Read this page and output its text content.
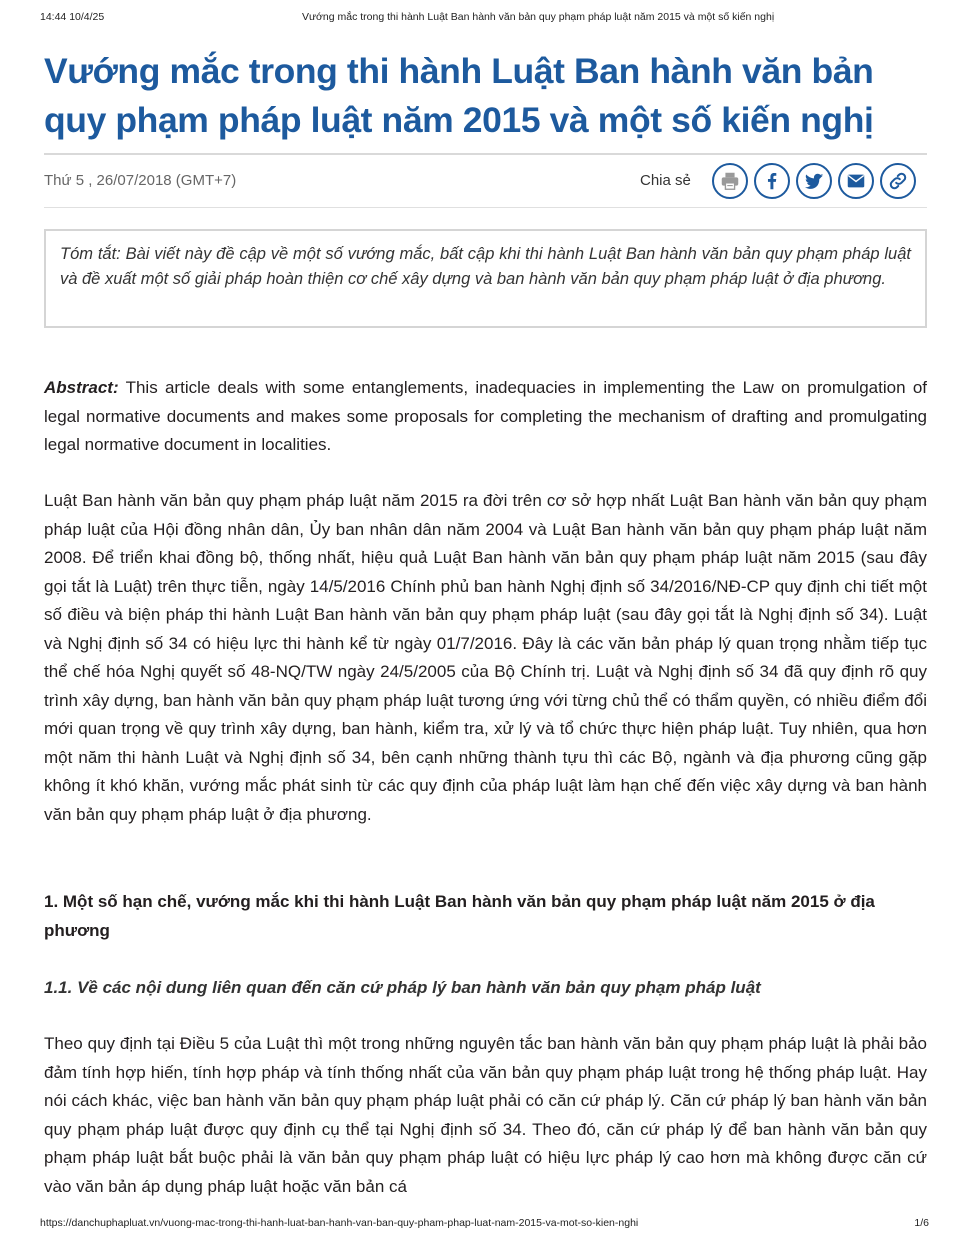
14:44 10/4/25	Vướng mắc trong thi hành Luật Ban hành văn bản quy phạm pháp luật năm 2015 và một số kiến nghị
Vướng mắc trong thi hành Luật Ban hành văn bản quy phạm pháp luật năm 2015 và một số kiến nghị
Thứ 5 , 26/07/2018 (GMT+7)	Chia sẻ
Tóm tắt: Bài viết này đề cập về một số vướng mắc, bất cập khi thi hành Luật Ban hành văn bản quy phạm pháp luật và đề xuất một số giải pháp hoàn thiện cơ chế xây dựng và ban hành văn bản quy phạm pháp luật ở địa phương.

Abstract: This article deals with some entanglements, inadequacies in implementing the Law on promulgation of legal normative documents and makes some proposals for completing the mechanism of drafting and promulgating legal normative document in localities.

Luật Ban hành văn bản quy phạm pháp luật năm 2015 ra đời trên cơ sở hợp nhất Luật Ban hành văn bản quy phạm pháp luật của Hội đồng nhân dân, Ủy ban nhân dân năm 2004 và Luật Ban hành văn bản quy phạm pháp luật năm 2008. Để triển khai đồng bộ, thống nhất, hiệu quả Luật Ban hành văn bản quy phạm pháp luật năm 2015 (sau đây gọi tắt là Luật) trên thực tiễn, ngày 14/5/2016 Chính phủ ban hành Nghị định số 34/2016/NĐ-CP quy định chi tiết một số điều và biện pháp thi hành Luật Ban hành văn bản quy phạm pháp luật (sau đây gọi tắt là Nghị định số 34). Luật và Nghị định số 34 có hiệu lực thi hành kể từ ngày 01/7/2016. Đây là các văn bản pháp lý quan trọng nhằm tiếp tục thể chế hóa Nghị quyết số 48-NQ/TW ngày 24/5/2005 của Bộ Chính trị. Luật và Nghị định số 34 đã quy định rõ quy trình xây dựng, ban hành văn bản quy phạm pháp luật tương ứng với từng chủ thể có thẩm quyền, có nhiều điểm đổi mới quan trọng về quy trình xây dựng, ban hành, kiểm tra, xử lý và tổ chức thực hiện pháp luật. Tuy nhiên, qua hơn một năm thi hành Luật và Nghị định số 34, bên cạnh những thành tựu thì các Bộ, ngành và địa phương cũng gặp không ít khó khăn, vướng mắc phát sinh từ các quy định của pháp luật làm hạn chế đến việc xây dựng và ban hành văn bản quy phạm pháp luật ở địa phương.

1. Một số hạn chế, vướng mắc khi thi hành Luật Ban hành văn bản quy phạm pháp luật năm 2015 ở địa phương
1.1. Về các nội dung liên quan đến căn cứ pháp lý ban hành văn bản quy phạm pháp luật

Theo quy định tại Điều 5 của Luật thì một trong những nguyên tắc ban hành văn bản quy phạm pháp luật là phải bảo đảm tính hợp hiến, tính hợp pháp và tính thống nhất của văn bản quy phạm pháp luật trong hệ thống pháp luật. Hay nói cách khác, việc ban hành văn bản quy phạm pháp luật phải có căn cứ pháp lý. Căn cứ pháp lý ban hành văn bản quy phạm pháp luật được quy định cụ thể tại Nghị định số 34. Theo đó, căn cứ pháp lý để ban hành văn bản quy phạm pháp luật bắt buộc phải là văn bản quy phạm pháp luật có hiệu lực pháp lý cao hơn mà không được căn cứ vào văn bản áp dụng pháp luật hoặc văn bản cá

https://danchuphapluat.vn/vuong-mac-trong-thi-hanh-luat-ban-hanh-van-ban-quy-pham-phap-luat-nam-2015-va-mot-so-kien-nghi	1/6
